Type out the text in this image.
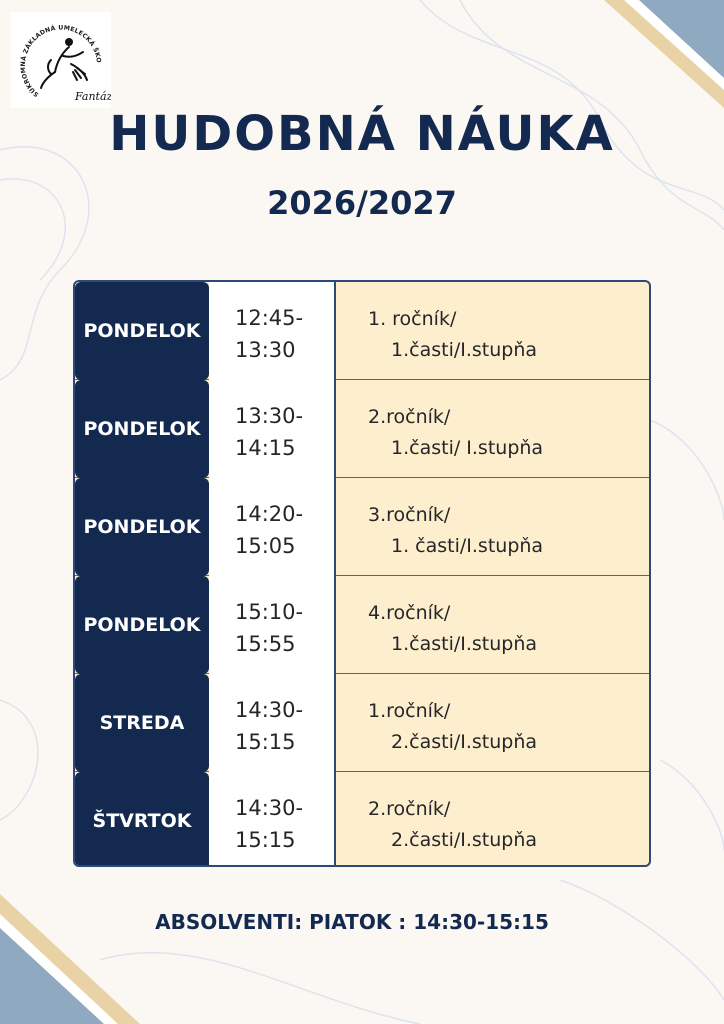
SÚKROMNÁ ZÁKLADNÁ UMELECKÁ ŠKO
Fantá
HUDOBNÁ NÁUKA
2026/2027
PONDELOK
12:45-
13:30
1. ročník/
1.časti/I.stupňa
PONDELOK
13:30-
14:15
2.ročník/
1.časti/ I.stupňa
PONDELOK
14:20-
15:05
3.ročník/
1. časti/I.stupňa
PONDELOK
15:10-
15:55
4.ročník/
1.časti/I.stupňa
STREDA
14:30-
15:15
1.ročník/
2.časti/I.stupňa
ŠTVRTOK
14:30-
15:15
2.ročník/
2.časti/I.stupňa
ABSOLVENTI: PIATOK : 14:30-15:15
